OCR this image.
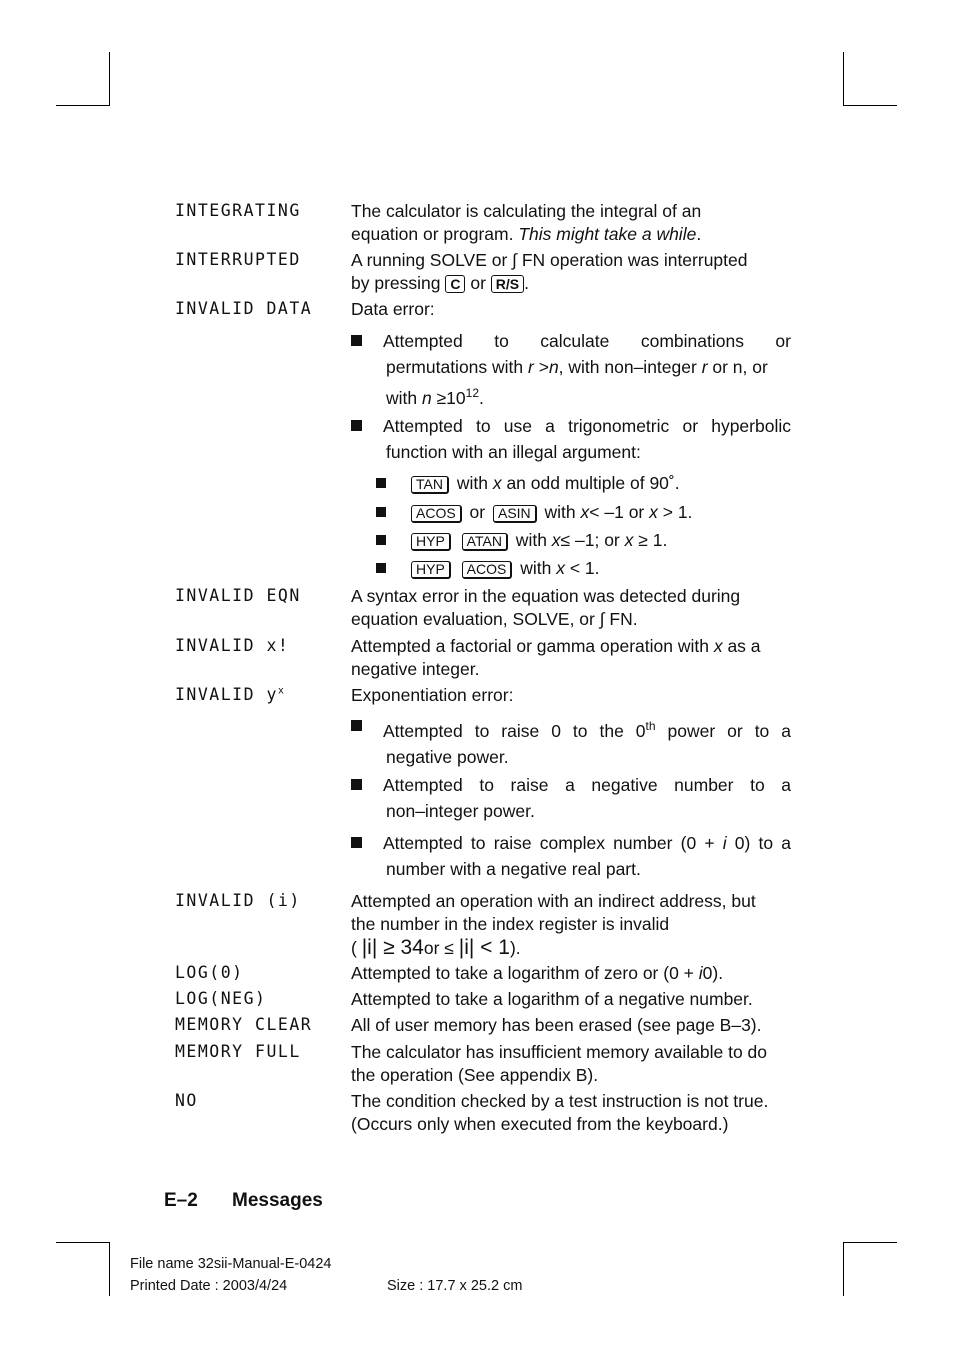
INTEGRATING	The calculator is calculating the integral of an
equation or program. This might take a while.
INTERRUPTED	A running SOLVE or ∫ FN operation was interrupted
by pressing C or R/S .
INVALID DATA Data error:
Attempted to calculate combinations or
permutations with r >n, with non–integer r or n, or
with $n \ge 10^{12}$.
Attempted to use a trigonometric or hyperbolic
function with an illegal argument:
TAN with x an odd multiple of 90˚.
ACOS or ASIN with x< –1 or x > 1.
HYP ATAN with x≤ –1; or x ≥ 1.
HYP ACOS with x < 1.
INVALID EQN	A syntax error in the equation was detected during
equation evaluation, SOLVE, or ∫ FN.
INVALID x!	Attempted a factorial or gamma operation with x as a
negative integer.
INVALID $y^x$	Exponentiation error:
Attempted to raise 0 to the 0th power or to a
negative power.
Attempted to raise a negative number to a
non–integer power.
Attempted to raise complex number (0 + i 0) to a
number with a negative real part.
INVALID (i)	Attempted an operation with an indirect address, but
the number in the index register is invalid
( |i| ≥ 34or ≤ |i| < 1).
LOG(0)	Attempted to take a logarithm of zero or (0 + i0).
LOG(NEG)	Attempted to take a logarithm of a negative number.
MEMORY CLEAR All of user memory has been erased (see page B–3).
MEMORY FULL	The calculator has insufficient memory available to do
the operation (See appendix B).
NO	The condition checked by a test instruction is not true.
(Occurs only when executed from the keyboard.)
E–2 Messages
File name 32sii-Manual-E-0424
Printed Date : 2003/4/24	Size : 17.7 x 25.2 cm
